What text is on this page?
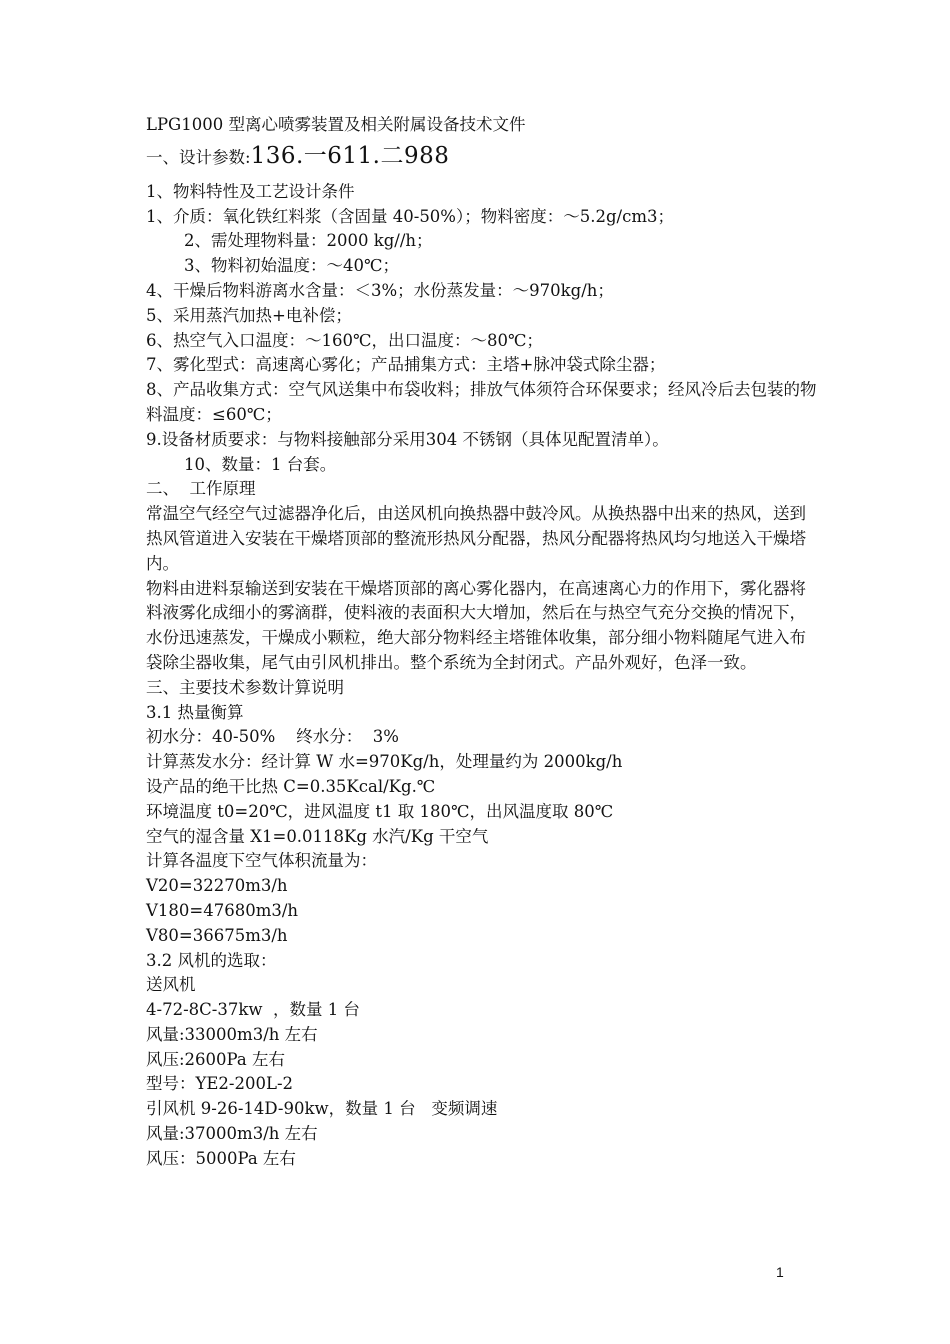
LPG1000 型离心喷雾装置及相关附属设备技术文件

一、设计参数:136.一611.二988

1、物料特性及工艺设计条件

1、介质：氧化铁红料浆（含固量 40-50%）；物料密度：～5.2g/cm3；

2、需处理物料量：2000 kg//h；

3、物料初始温度：～40℃；

4、干燥后物料游离水含量：＜3%；水份蒸发量：～970kg/h；

5、采用蒸汽加热+电补偿；

6、热空气入口温度：～160℃，出口温度：～80℃；

7、雾化型式：高速离心雾化；产品捕集方式：主塔+脉冲袋式除尘器；

8、产品收集方式：空气风送集中布袋收料；排放气体须符合环保要求；经风冷后去包装的物料温度：≤60℃；

9.设备材质要求：与物料接触部分采用304 不锈钢（具体见配置清单）。

10、数量：1 台套。

二、  工作原理

常温空气经空气过滤器净化后，由送风机向换热器中鼓冷风。从换热器中出来的热风，送到热风管道进入安装在干燥塔顶部的整流形热风分配器，热风分配器将热风均匀地送入干燥塔内。

物料由进料泵输送到安装在干燥塔顶部的离心雾化器内，在高速离心力的作用下，雾化器将料液雾化成细小的雾滴群，使料液的表面积大大增加，然后在与热空气充分交换的情况下，水份迅速蒸发，干燥成小颗粒，绝大部分物料经主塔锥体收集，部分细小物料随尾气进入布袋除尘器收集，尾气由引风机排出。整个系统为全封闭式。产品外观好，色泽一致。

三、主要技术参数计算说明

3.1 热量衡算

初水分：40-50%    终水分：  3%

计算蒸发水分：经计算 W 水=970Kg/h，处理量约为 2000kg/h

设产品的绝干比热 C=0.35Kcal/Kg.℃

环境温度 t0=20℃，进风温度 t1 取 180℃，出风温度取 80℃

空气的湿含量 X1=0.0118Kg 水汽/Kg 干空气

计算各温度下空气体积流量为：

V20=32270m3/h

V180=47680m3/h

V80=36675m3/h

3.2 风机的选取：

送风机

4-72-8C-37kw  ，数量 1 台

风量:33000m3/h 左右

风压:2600Pa 左右

型号：YE2-200L-2

引风机 9-26-14D-90kw，数量 1 台   变频调速

风量:37000m3/h 左右

风压：5000Pa 左右

1
